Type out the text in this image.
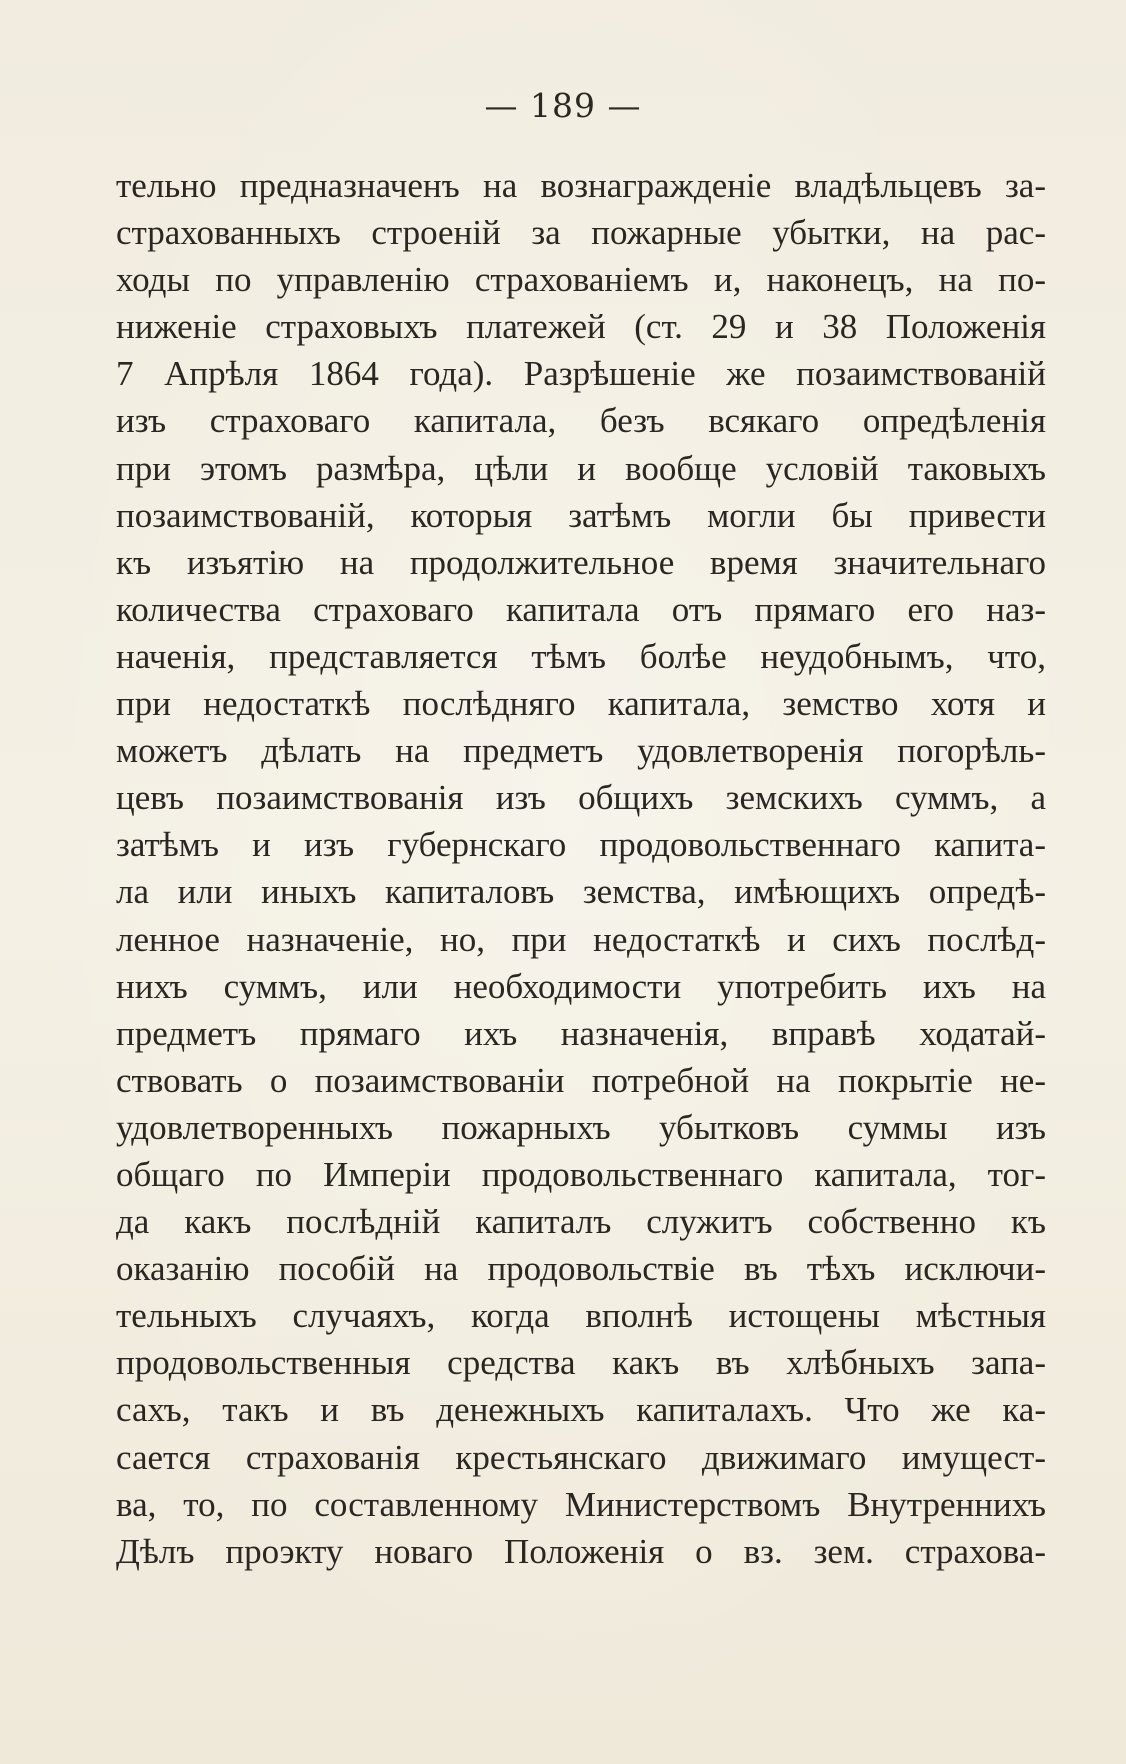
— 189 —
тельно предназначенъ на вознагражденіе владѣльцевъ за-
страхованныхъ строеній за пожарные убытки, на рас-
ходы по управленію страхованіемъ и, наконецъ, на по-
ниженіе страховыхъ платежей (ст. 29 и 38 Положенія
7 Апрѣля 1864 года). Разрѣшеніе же позаимствованій
изъ страховаго капитала, безъ всякаго опредѣленія
при этомъ размѣра, цѣли и вообще условій таковыхъ
позаимствованій, которыя затѣмъ могли бы привести
къ изъятію на продолжительное время значительнаго
количества страховаго капитала отъ прямаго его наз-
наченія, представляется тѣмъ болѣе неудобнымъ, что,
при недостаткѣ послѣдняго капитала, земство хотя и
можетъ дѣлать на предметъ удовлетворенія погорѣль-
цевъ позаимствованія изъ общихъ земскихъ суммъ, а
затѣмъ и изъ губернскаго продовольственнаго капита-
ла или иныхъ капиталовъ земства, имѣющихъ опредѣ-
ленное назначеніе, но, при недостаткѣ и сихъ послѣд-
нихъ суммъ, или необходимости употребить ихъ на
предметъ прямаго ихъ назначенія, вправѣ ходатай-
ствовать о позаимствованіи потребной на покрытіе не-
удовлетворенныхъ пожарныхъ убытковъ суммы изъ
общаго по Имперіи продовольственнаго капитала, тог-
да какъ послѣдній капиталъ служитъ собственно къ
оказанію пособій на продовольствіе въ тѣхъ исключи-
тельныхъ случаяхъ, когда вполнѣ истощены мѣстныя
продовольственныя средства какъ въ хлѣбныхъ запа-
сахъ, такъ и въ денежныхъ капиталахъ. Что же ка-
сается страхованія крестьянскаго движимаго имущест-
ва, то, по составленному Министерствомъ Внутреннихъ
Дѣлъ проэкту новаго Положенія о вз. зем. страхова-
